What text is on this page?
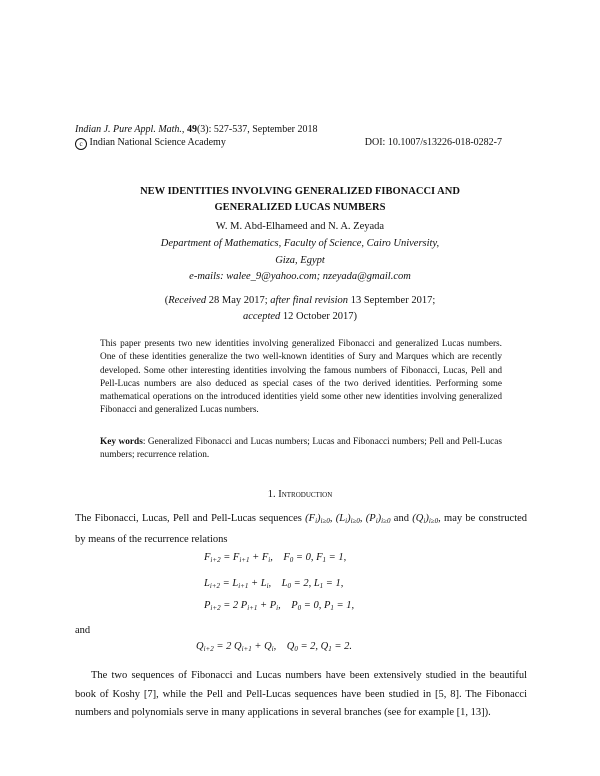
Indian J. Pure Appl. Math., 49(3): 527-537, September 2018
c Indian National Science Academy	DOI: 10.1007/s13226-018-0282-7
NEW IDENTITIES INVOLVING GENERALIZED FIBONACCI AND
GENERALIZED LUCAS NUMBERS
W. M. Abd-Elhameed and N. A. Zeyada
Department of Mathematics, Faculty of Science, Cairo University,
Giza, Egypt
e-mails: walee_9@yahoo.com; nzeyada@gmail.com
(Received 28 May 2017; after final revision 13 September 2017;
accepted 12 October 2017)
This paper presents two new identities involving generalized Fibonacci and generalized Lucas numbers. One of these identities generalize the two well-known identities of Sury and Marques which are recently developed. Some other interesting identities involving the famous numbers of Fibonacci, Lucas, Pell and Pell-Lucas numbers are also deduced as special cases of the two derived identities. Performing some mathematical operations on the introduced identities yield some other new identities involving generalized Fibonacci and generalized Lucas numbers.
Key words: Generalized Fibonacci and Lucas numbers; Lucas and Fibonacci numbers; Pell and Pell-Lucas numbers; recurrence relation.
1. Introduction
The Fibonacci, Lucas, Pell and Pell-Lucas sequences $(F_i)_{i\ge 0}$, $(L_i)_{i\ge 0}$, $(P_i)_{i\ge 0}$ and $(Q_i)_{i\ge 0}$, may be constructed by means of the recurrence relations
$F_{i+2} = F_{i+1} + F_i$,    $F_0 = 0$, $F_1 = 1$,
$L_{i+2} = L_{i+1} + L_i$,    $L_0 = 2$, $L_1 = 1$,
$P_{i+2} = 2$ $P_{i+1} + P_i$,    $P_0 = 0$, $P_1 = 1$,
and
$Q_{i+2} = 2$ $Q_{i+1} + Q_i$,    $Q_0 = 2$, $Q_1 = 2$.
The two sequences of Fibonacci and Lucas numbers have been extensively studied in the beautiful book of Koshy [7], while the Pell and Pell-Lucas sequences have been studied in [5, 8]. The Fibonacci numbers and polynomials serve in many applications in several branches (see for example [1, 13]).
